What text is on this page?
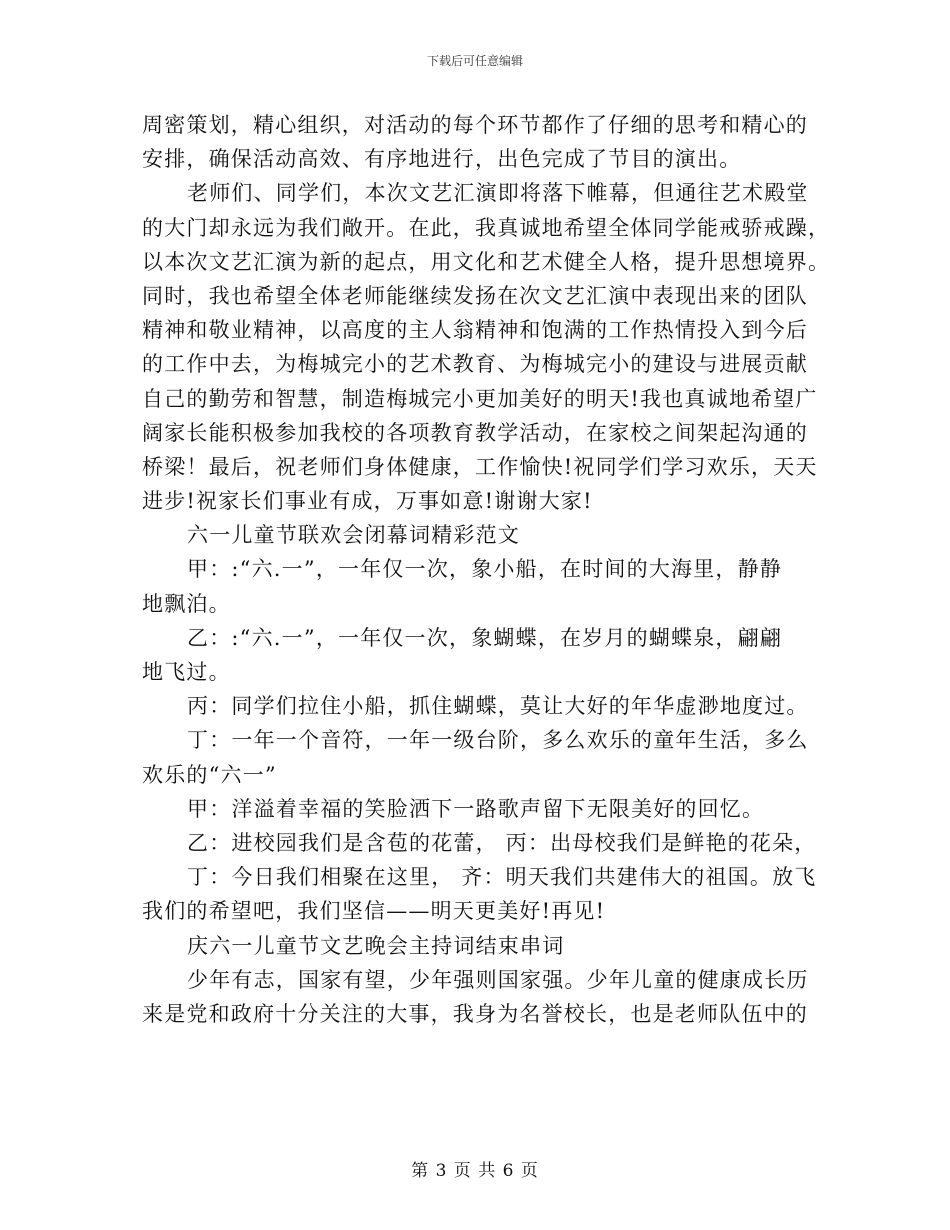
下载后可任意编辑
周密策划，精心组织，对活动的每个环节都作了仔细的思考和精心的
安排，确保活动高效、有序地进行，出色完成了节目的演出。
老师们、同学们，本次文艺汇演即将落下帷幕，但通往艺术殿堂
的大门却永远为我们敞开。在此，我真诚地希望全体同学能戒骄戒躁，
以本次文艺汇演为新的起点，用文化和艺术健全人格，提升思想境界。
同时，我也希望全体老师能继续发扬在次文艺汇演中表现出来的团队
精神和敬业精神，以高度的主人翁精神和饱满的工作热情投入到今后
的工作中去，为梅城完小的艺术教育、为梅城完小的建设与进展贡献
自己的勤劳和智慧，制造梅城完小更加美好的明天!我也真诚地希望广
阔家长能积极参加我校的各项教育教学活动，在家校之间架起沟通的
桥梁！最后，祝老师们身体健康，工作愉快!祝同学们学习欢乐，天天
进步!祝家长们事业有成，万事如意!谢谢大家!
六一儿童节联欢会闭幕词精彩范文
甲：:“六.一”，一年仅一次，象小船，在时间的大海里，静静
地飘泊。
乙：:“六.一”，一年仅一次，象蝴蝶，在岁月的蝴蝶泉，翩翩
地飞过。
丙：同学们拉住小船，抓住蝴蝶，莫让大好的年华虚渺地度过。
丁：一年一个音符，一年一级台阶，多么欢乐的童年生活，多么
欢乐的“六一”
甲：洋溢着幸福的笑脸洒下一路歌声留下无限美好的回忆。
乙：进校园我们是含苞的花蕾， 丙：出母校我们是鲜艳的花朵，
丁：今日我们相聚在这里， 齐：明天我们共建伟大的祖国。放飞
我们的希望吧，我们坚信——明天更美好!再见!
庆六一儿童节文艺晚会主持词结束串词
少年有志，国家有望，少年强则国家强。少年儿童的健康成长历
来是党和政府十分关注的大事，我身为名誉校长，也是老师队伍中的
第 3 页 共 6 页
